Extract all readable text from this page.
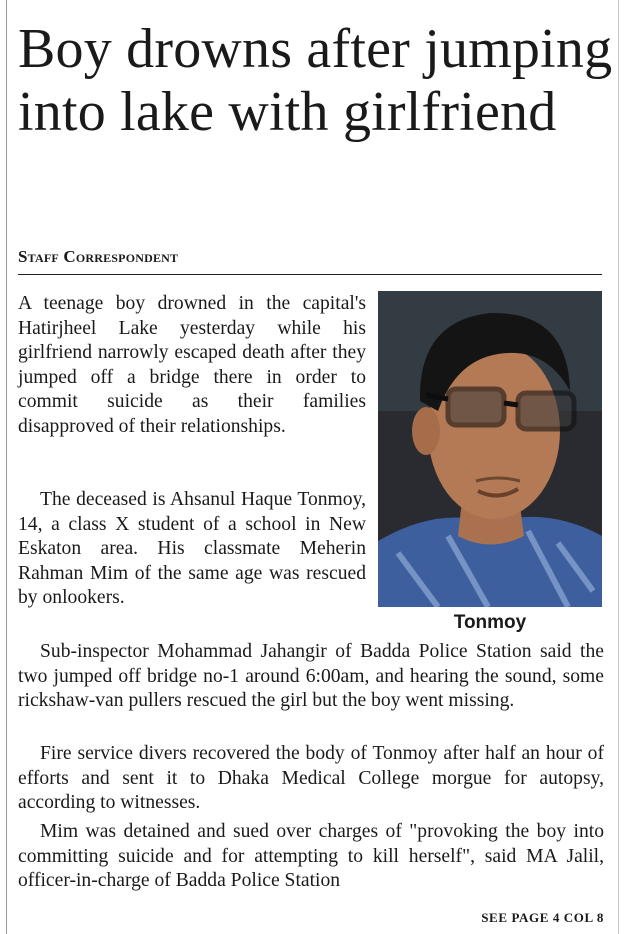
Boy drowns after jumping into lake with girlfriend

Staff Correspondent

A teenage boy drowned in the capital's Hatirjheel Lake yesterday while his girlfriend narrowly escaped death after they jumped off a bridge there in order to commit suicide as their families disapproved of their relationships.

The deceased is Ahsanul Haque Tonmoy, 14, a class X student of a school in New Eskaton area. His classmate Meherin Rahman Mim of the same age was rescued by onlookers.

Sub-inspector Mohammad Jahangir of Badda Police Station said the two jumped off bridge no-1 around 6:00am, and hearing the sound, some rickshaw-van pullers rescued the girl but the boy went missing.

Fire service divers recovered the body of Tonmoy after half an hour of efforts and sent it to Dhaka Medical College morgue for autopsy, according to witnesses.

Mim was detained and sued over charges of "provoking the boy into committing suicide and for attempting to kill herself", said MA Jalil, officer-in-charge of Badda Police Station

Tonmoy

SEE PAGE 4 COL 8
